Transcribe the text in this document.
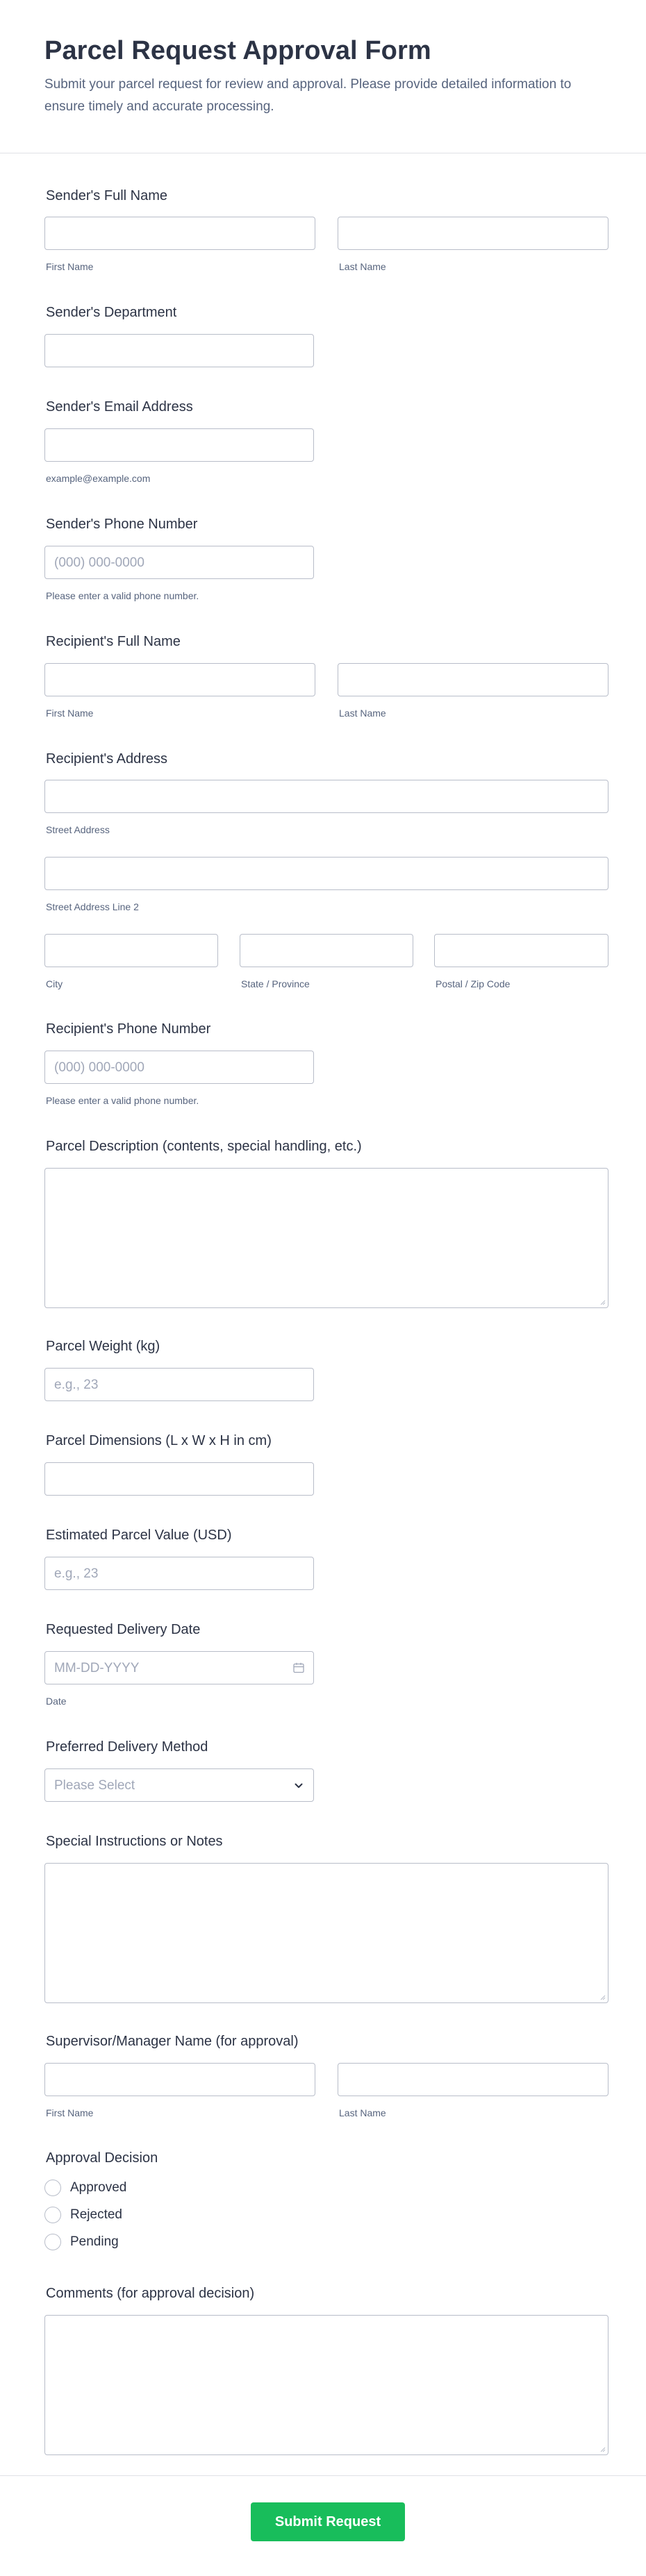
Parcel Request Approval Form
Submit your parcel request for review and approval. Please provide detailed information to ensure timely and accurate processing.
Sender's Full Name
First Name	Last Name
Sender's Department
Sender's Email Address
example@example.com
Sender's Phone Number
(000) 000-0000
Please enter a valid phone number.
Recipient's Full Name
First Name	Last Name
Recipient's Address
Street Address
Street Address Line 2
City	State / Province	Postal / Zip Code
Recipient's Phone Number
(000) 000-0000
Please enter a valid phone number.
Parcel Description (contents, special handling, etc.)
Parcel Weight (kg)
e.g., 23
Parcel Dimensions (L x W x H in cm)
Estimated Parcel Value (USD)
e.g., 23
Requested Delivery Date
MM-DD-YYYY
Date
Preferred Delivery Method
Please Select
Special Instructions or Notes
Supervisor/Manager Name (for approval)
First Name	Last Name
Approval Decision
Approved
Rejected
Pending
Comments (for approval decision)
Submit Request
